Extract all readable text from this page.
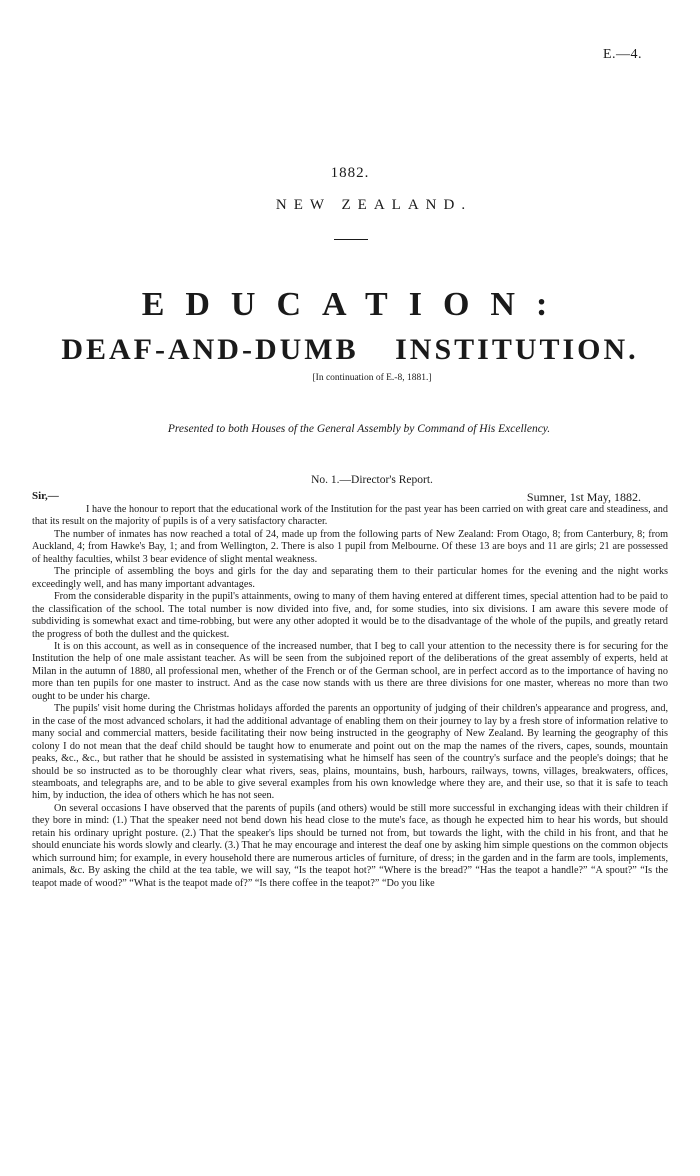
E.—4.
1882.
NEW ZEALAND.
EDUCATION:
DEAF-AND-DUMB INSTITUTION.
[In continuation of E.-8, 1881.]
Presented to both Houses of the General Assembly by Command of His Excellency.
No. 1.—Director's Report.
Sir,—	Sumner, 1st May, 1882.

I have the honour to report that the educational work of the Institution for the past year has been carried on with great care and steadiness, and that its result on the majority of pupils is of a very satisfactory character.

The number of inmates has now reached a total of 24, made up from the following parts of New Zealand: From Otago, 8; from Canterbury, 8; from Auckland, 4; from Hawke's Bay, 1; and from Wellington, 2. There is also 1 pupil from Melbourne. Of these 13 are boys and 11 are girls; 21 are possessed of healthy faculties, whilst 3 bear evidence of slight mental weakness.

The principle of assembling the boys and girls for the day and separating them to their particular homes for the evening and the night works exceedingly well, and has many important advantages.

From the considerable disparity in the pupil's attainments, owing to many of them having entered at different times, special attention had to be paid to the classification of the school. The total number is now divided into five, and, for some studies, into six divisions. I am aware this severe mode of subdividing is somewhat exact and time-robbing, but were any other adopted it would be to the disadvantage of the whole of the pupils, and greatly retard the progress of both the dullest and the quickest.

It is on this account, as well as in consequence of the increased number, that I beg to call your attention to the necessity there is for securing for the Institution the help of one male assistant teacher. As will be seen from the subjoined report of the deliberations of the great assembly of experts, held at Milan in the autumn of 1880, all professional men, whether of the French or of the German school, are in perfect accord as to the importance of having no more than ten pupils for one master to instruct. And as the case now stands with us there are three divisions for one master, whereas no more than two ought to be under his charge.

The pupils' visit home during the Christmas holidays afforded the parents an opportunity of judging of their children's appearance and progress, and, in the case of the most advanced scholars, it had the additional advantage of enabling them on their journey to lay by a fresh store of information relative to many social and commercial matters, beside facilitating their now being instructed in the geography of New Zealand. By learning the geography of this colony I do not mean that the deaf child should be taught how to enumerate and point out on the map the names of the rivers, capes, sounds, mountain peaks, &c., &c., but rather that he should be assisted in systematising what he himself has seen of the country's surface and the people's doings; that he should be so instructed as to be thoroughly clear what rivers, seas, plains, mountains, bush, harbours, railways, towns, villages, breakwaters, offices, steamboats, and telegraphs are, and to be able to give several examples from his own knowledge where they are, and their use, so that it is safe to teach him, by induction, the idea of others which he has not seen.

On several occasions I have observed that the parents of pupils (and others) would be still more successful in exchanging ideas with their children if they bore in mind: (1.) That the speaker need not bend down his head close to the mute's face, as though he expected him to hear his words, but should retain his ordinary upright posture. (2.) That the speaker's lips should be turned not from, but towards the light, with the child in his front, and that he should enunciate his words slowly and clearly. (3.) That he may encourage and interest the deaf one by asking him simple questions on the common objects which surround him; for example, in every household there are numerous articles of furniture, of dress; in the garden and in the farm are tools, implements, animals, &c. By asking the child at the tea table, we will say, “Is the teapot hot?” “Where is the bread?” “Has the teapot a handle?” “A spout?” “Is the teapot made of wood?” “What is the teapot made of?” “Is there coffee in the teapot?” “Do you like
